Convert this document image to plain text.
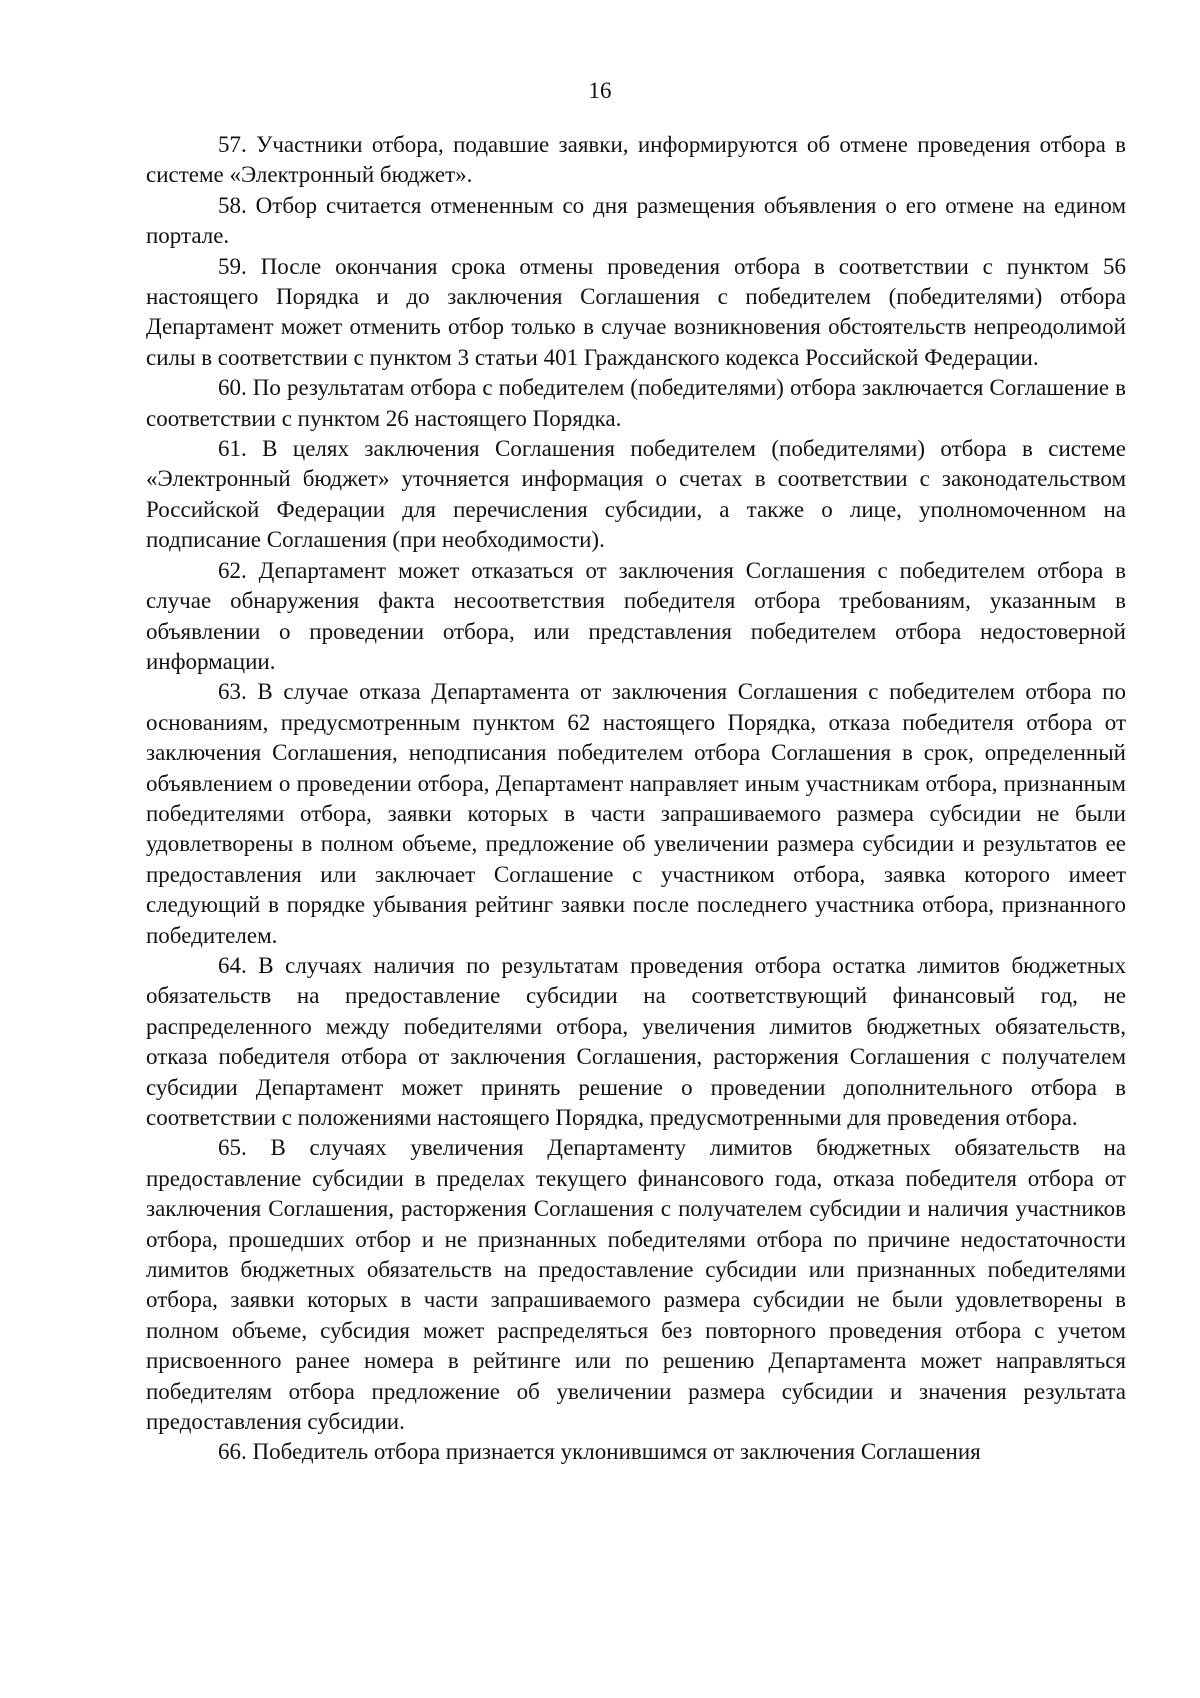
16

57. Участники отбора, подавшие заявки, информируются об отмене проведения отбора в системе «Электронный бюджет».

58. Отбор считается отмененным со дня размещения объявления о его отмене на едином портале.

59. После окончания срока отмены проведения отбора в соответствии с пунктом 56 настоящего Порядка и до заключения Соглашения с победителем (победителями) отбора Департамент может отменить отбор только в случае возникновения обстоятельств непреодолимой силы в соответствии с пунктом 3 статьи 401 Гражданского кодекса Российской Федерации.

60. По результатам отбора с победителем (победителями) отбора заключается Соглашение в соответствии с пунктом 26 настоящего Порядка.

61. В целях заключения Соглашения победителем (победителями) отбора в системе «Электронный бюджет» уточняется информация о счетах в соответствии с законодательством Российской Федерации для перечисления субсидии, а также о лице, уполномоченном на подписание Соглашения (при необходимости).

62. Департамент может отказаться от заключения Соглашения с победителем отбора в случае обнаружения факта несоответствия победителя отбора требованиям, указанным в объявлении о проведении отбора, или представления победителем отбора недостоверной информации.

63. В случае отказа Департамента от заключения Соглашения с победителем отбора по основаниям, предусмотренным пунктом 62 настоящего Порядка, отказа победителя отбора от заключения Соглашения, неподписания победителем отбора Соглашения в срок, определенный объявлением о проведении отбора, Департамент направляет иным участникам отбора, признанным победителями отбора, заявки которых в части запрашиваемого размера субсидии не были удовлетворены в полном объеме, предложение об увеличении размера субсидии и результатов ее предоставления или заключает Соглашение с участником отбора, заявка которого имеет следующий в порядке убывания рейтинг заявки после последнего участника отбора, признанного победителем.

64. В случаях наличия по результатам проведения отбора остатка лимитов бюджетных обязательств на предоставление субсидии на соответствующий финансовый год, не распределенного между победителями отбора, увеличения лимитов бюджетных обязательств, отказа победителя отбора от заключения Соглашения, расторжения Соглашения с получателем субсидии Департамент может принять решение о проведении дополнительного отбора в соответствии с положениями настоящего Порядка, предусмотренными для проведения отбора.

65. В случаях увеличения Департаменту лимитов бюджетных обязательств на предоставление субсидии в пределах текущего финансового года, отказа победителя отбора от заключения Соглашения, расторжения Соглашения с получателем субсидии и наличия участников отбора, прошедших отбор и не признанных победителями отбора по причине недостаточности лимитов бюджетных обязательств на предоставление субсидии или признанных победителями отбора, заявки которых в части запрашиваемого размера субсидии не были удовлетворены в полном объеме, субсидия может распределяться без повторного проведения отбора с учетом присвоенного ранее номера в рейтинге или по решению Департамента может направляться победителям отбора предложение об увеличении размера субсидии и значения результата предоставления субсидии.

66. Победитель отбора признается уклонившимся от заключения Соглашения
